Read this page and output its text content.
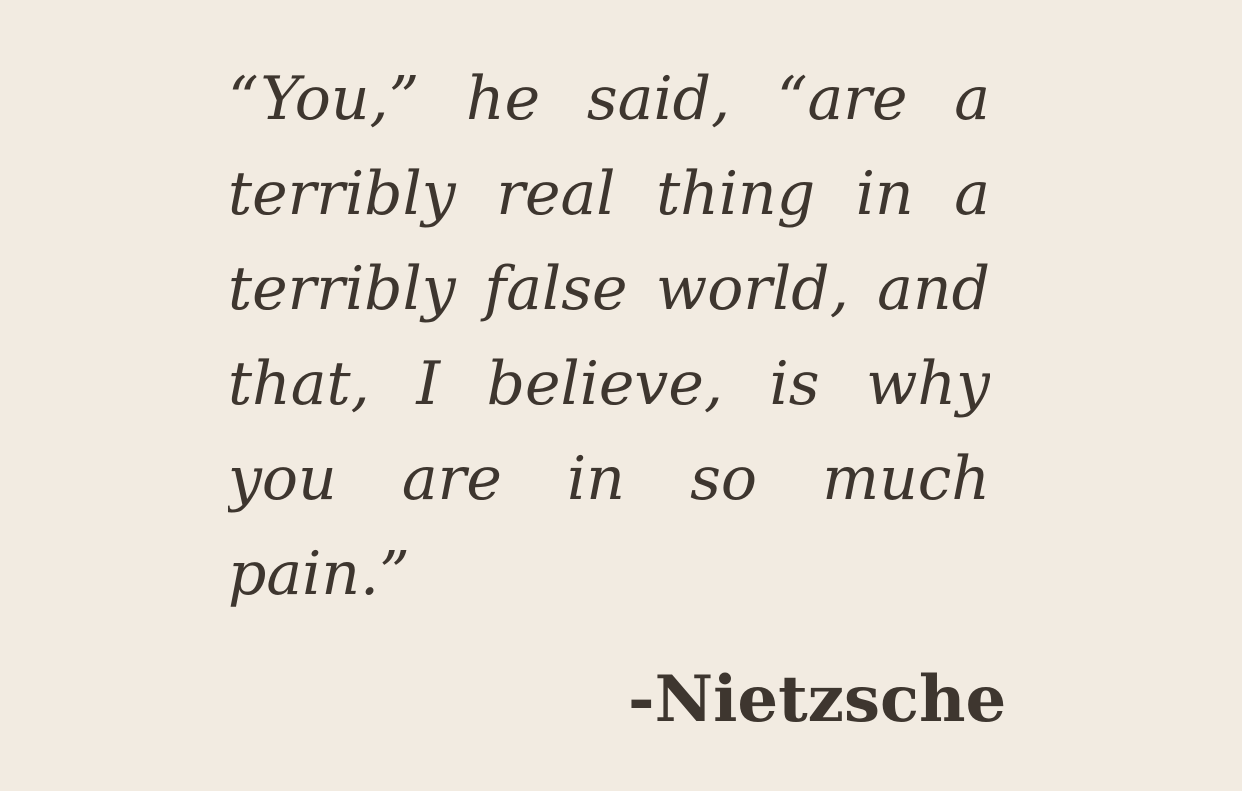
“You,” he said, “are a
terribly real thing in a
terribly false world, and
that, I believe, is why
you are in so much
pain.”
-Nietzsche
